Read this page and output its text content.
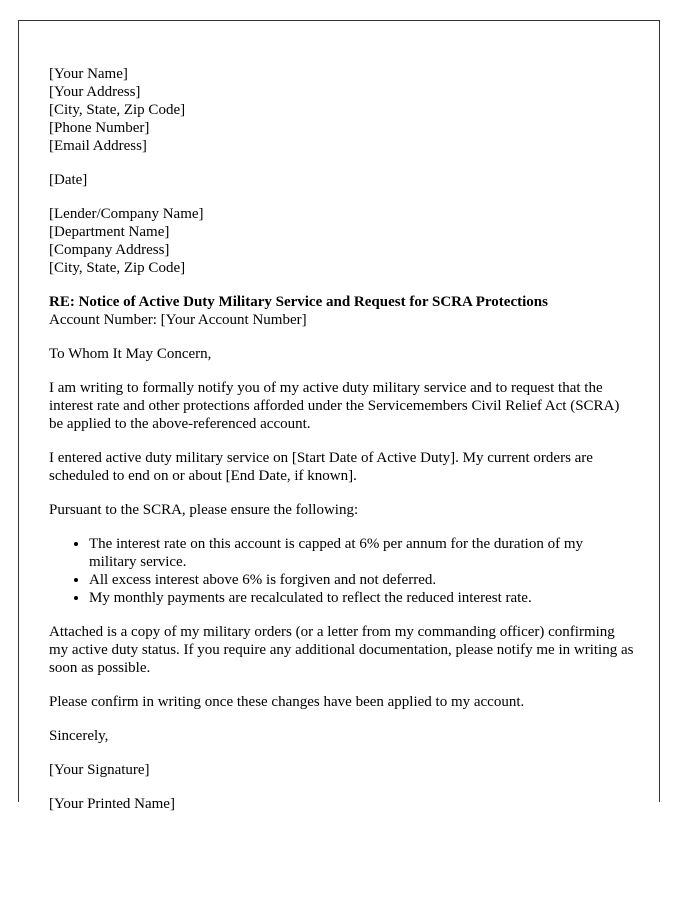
[Your Name]
[Your Address]
[City, State, Zip Code]
[Phone Number]
[Email Address]

[Date]

[Lender/Company Name]
[Department Name]
[Company Address]
[City, State, Zip Code]
RE: Notice of Active Duty Military Service and Request for SCRA Protections
Account Number: [Your Account Number]

To Whom It May Concern,

I am writing to formally notify you of my active duty military service and to request that the interest rate and other protections afforded under the Servicemembers Civil Relief Act (SCRA) be applied to the above-referenced account.

I entered active duty military service on [Start Date of Active Duty]. My current orders are scheduled to end on or about [End Date, if known].

Pursuant to the SCRA, please ensure the following:

• The interest rate on this account is capped at 6% per annum for the duration of my military service.
• All excess interest above 6% is forgiven and not deferred.
• My monthly payments are recalculated to reflect the reduced interest rate.

Attached is a copy of my military orders (or a letter from my commanding officer) confirming my active duty status. If you require any additional documentation, please notify me in writing as soon as possible.

Please confirm in writing once these changes have been applied to my account.

Sincerely,

[Your Signature]

[Your Printed Name]
